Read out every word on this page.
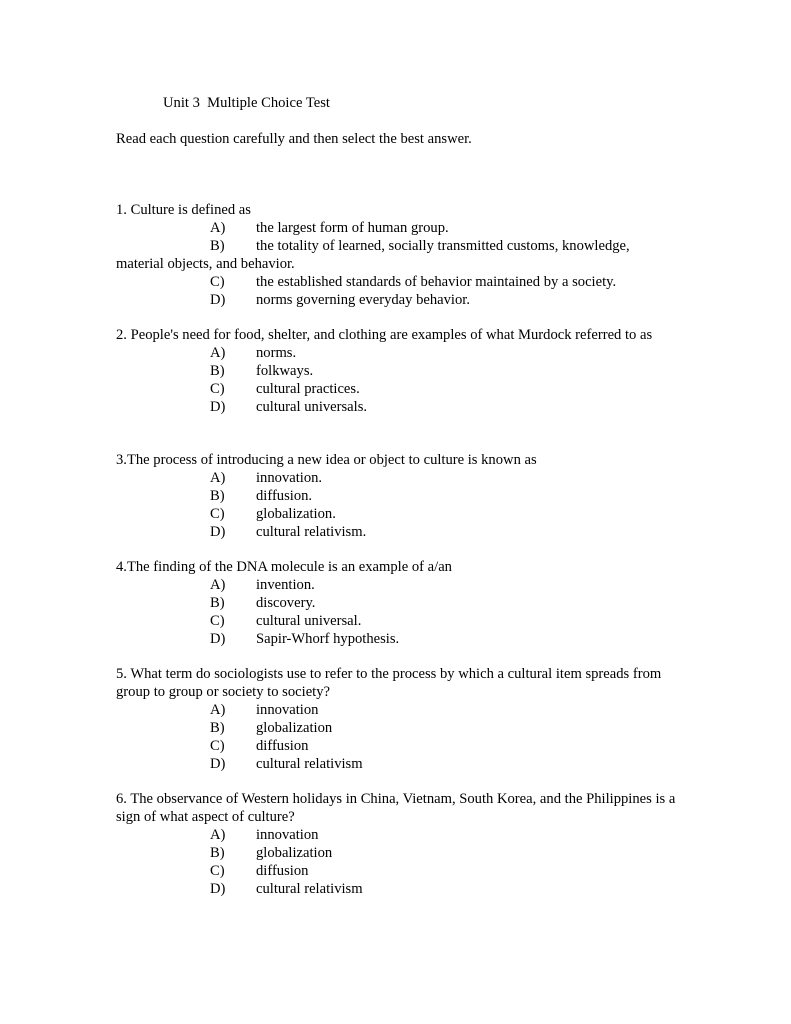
Unit 3  Multiple Choice Test
Read each question carefully and then select the best answer.
1. Culture is defined as
A) the largest form of human group.
B) the totality of learned, socially transmitted customs, knowledge,
material objects, and behavior.
C) the established standards of behavior maintained by a society.
D) norms governing everyday behavior.
2. People's need for food, shelter, and clothing are examples of what Murdock referred to as
A) norms.
B) folkways.
C) cultural practices.
D) cultural universals.
3.The process of introducing a new idea or object to culture is known as
A) innovation.
B) diffusion.
C) globalization.
D) cultural relativism.
4.The finding of the DNA molecule is an example of a/an
A) invention.
B) discovery.
C) cultural universal.
D) Sapir-Whorf hypothesis.
5. What term do sociologists use to refer to the process by which a cultural item spreads from group to group or society to society?
A) innovation
B) globalization
C) diffusion
D) cultural relativism
6. The observance of Western holidays in China, Vietnam, South Korea, and the Philippines is a sign of what aspect of culture?
A) innovation
B) globalization
C) diffusion
D) cultural relativism
